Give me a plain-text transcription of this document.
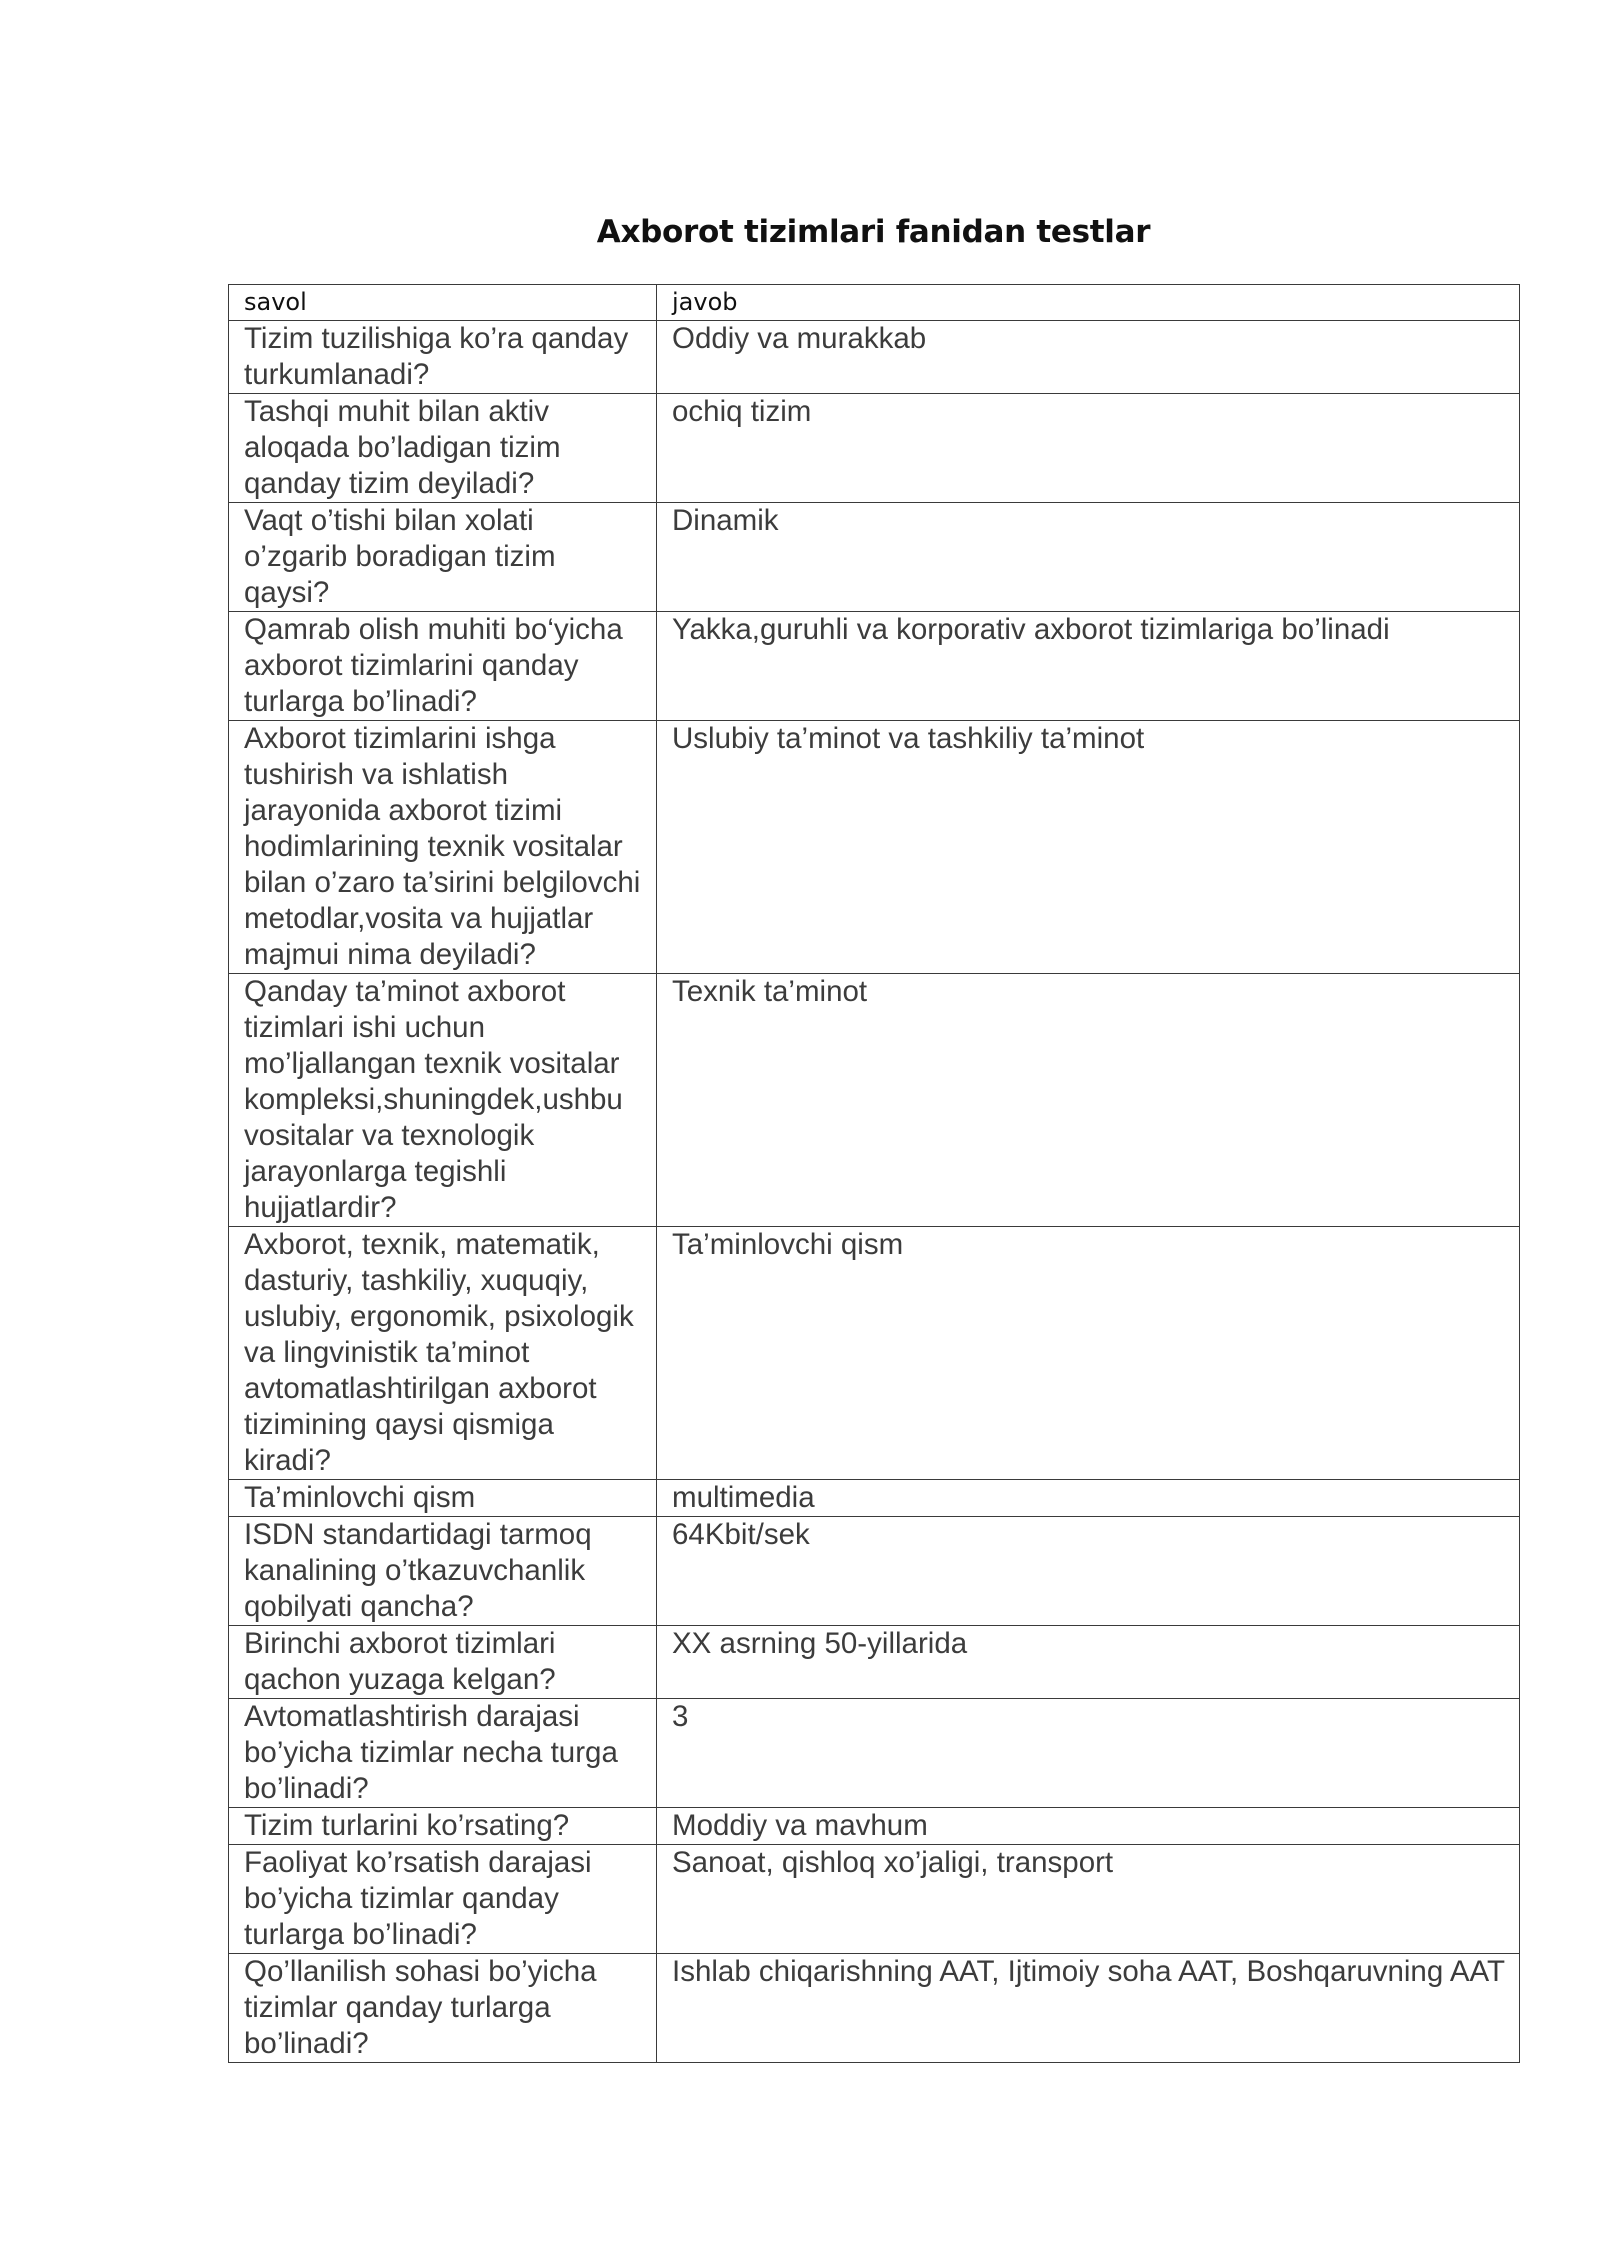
Axborot tizimlari fanidan testlar
savol	javob
Tizim tuzilishiga ko’ra qanday turkumlanadi?	Oddiy va murakkab
Tashqi muhit bilan aktiv aloqada bo’ladigan tizim qanday tizim deyiladi?	ochiq tizim
Vaqt o’tishi bilan xolati o’zgarib boradigan tizim qaysi?	Dinamik
Qamrab olish muhiti bo‘yicha axborot tizimlarini qanday turlarga bo’linadi?	Yakka,guruhli va korporativ axborot tizimlariga bo’linadi
Axborot tizimlarini ishga tushirish va ishlatish jarayonida axborot tizimi hodimlarining texnik vositalar bilan o’zaro ta’sirini belgilovchi metodlar,vosita va hujjatlar majmui nima deyiladi?	Uslubiy ta’minot va tashkiliy ta’minot
Qanday ta’minot axborot tizimlari ishi uchun mo’ljallangan texnik vositalar kompleksi,shuningdek,ushbu vositalar va texnologik jarayonlarga tegishli hujjatlardir?	Texnik ta’minot
Axborot, texnik, matematik, dasturiy, tashkiliy, xuquqiy, uslubiy, ergonomik, psixologik va lingvinistik ta’minot avtomatlashtirilgan axborot tizimining qaysi qismiga kiradi?	Ta’minlovchi qism
Ta’minlovchi qism	multimedia
ISDN standartidagi tarmoq kanalining o’tkazuvchanlik qobilyati qancha?	64Kbit/sek
Birinchi axborot tizimlari qachon yuzaga kelgan?	XX asrning 50-yillarida
Avtomatlashtirish darajasi bo’yicha tizimlar necha turga bo’linadi?	3
Tizim turlarini ko’rsating?	Moddiy va mavhum
Faoliyat ko’rsatish darajasi bo’yicha tizimlar qanday turlarga bo’linadi?	Sanoat, qishloq xo’jaligi, transport
Qo’llanilish sohasi bo’yicha tizimlar qanday turlarga bo’linadi?	Ishlab chiqarishning AAT, Ijtimoiy soha AAT, Boshqaruvning AAT
